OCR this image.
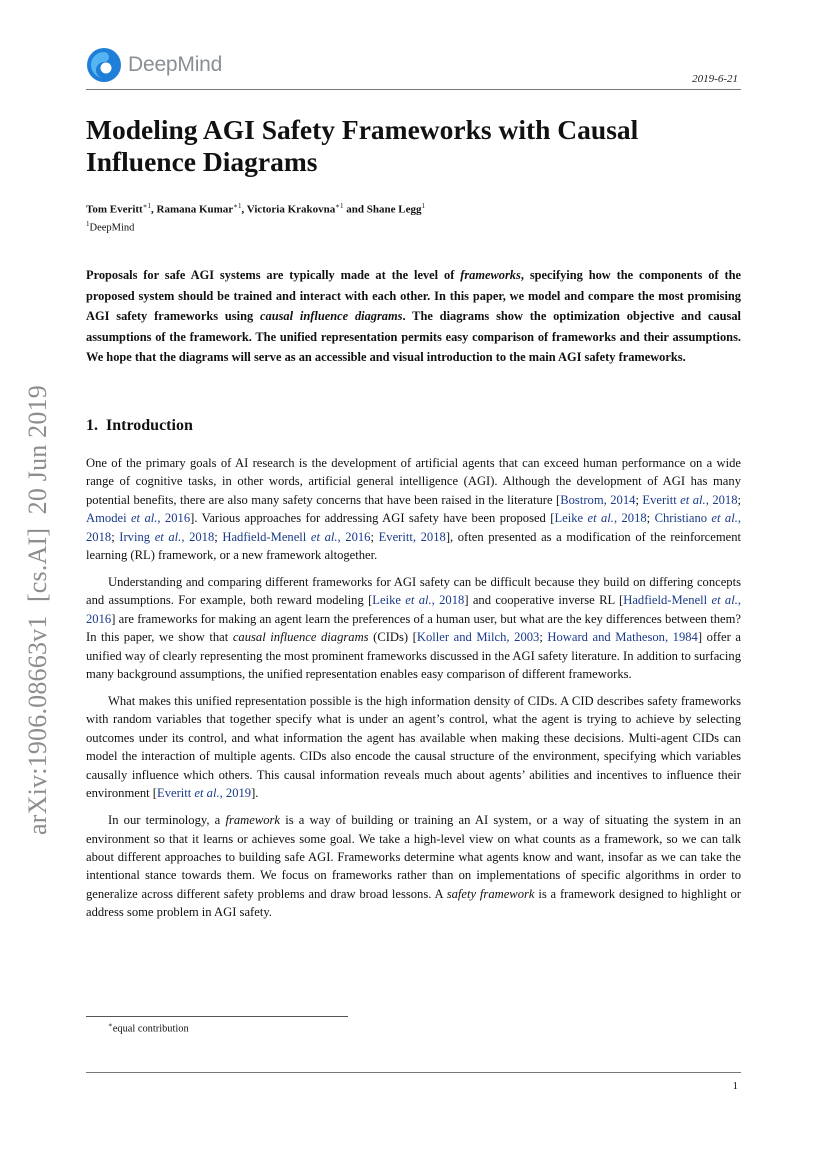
DeepMind
2019-6-21
Modeling AGI Safety Frameworks with Causal Influence Diagrams
Tom Everitt$^{∗1}$, Ramana Kumar$^{∗1}$, Victoria Krakovna$^{∗1}$ and Shane Legg$^1$
$^1$DeepMind

Proposals for safe AGI systems are typically made at the level of frameworks, specifying how the components of the proposed system should be trained and interact with each other. In this paper, we model and compare the most promising AGI safety frameworks using causal influence diagrams. The diagrams show the optimization objective and causal assumptions of the framework. The unified representation permits easy comparison of frameworks and their assumptions. We hope that the diagrams will serve as an accessible and visual introduction to the main AGI safety frameworks.

1. Introduction

One of the primary goals of AI research is the development of artificial agents that can exceed human performance on a wide range of cognitive tasks, in other words, artificial general intelligence (AGI). Although the development of AGI has many potential benefits, there are also many safety concerns that have been raised in the literature [Bostrom, 2014; Everitt et al., 2018; Amodei et al., 2016]. Various approaches for addressing AGI safety have been proposed [Leike et al., 2018; Christiano et al., 2018; Irving et al., 2018; Hadfield-Menell et al., 2016; Everitt, 2018], often presented as a modification of the reinforcement learning (RL) framework, or a new framework altogether.

Understanding and comparing different frameworks for AGI safety can be difficult because they build on differing concepts and assumptions. For example, both reward modeling [Leike et al., 2018] and cooperative inverse RL [Hadfield-Menell et al., 2016] are frameworks for making an agent learn the preferences of a human user, but what are the key differences between them? In this paper, we show that causal influence diagrams (CIDs) [Koller and Milch, 2003; Howard and Matheson, 1984] offer a unified way of clearly representing the most prominent frameworks discussed in the AGI safety literature. In addition to surfacing many background assumptions, the unified representation enables easy comparison of different frameworks.

What makes this unified representation possible is the high information density of CIDs. A CID describes safety frameworks with random variables that together specify what is under an agent’s control, what the agent is trying to achieve by selecting outcomes under its control, and what information the agent has available when making these decisions. Multi-agent CIDs can model the interaction of multiple agents. CIDs also encode the causal structure of the environment, specifying which variables causally influence which others. This causal information reveals much about agents’ abilities and incentives to influence their environment [Everitt et al., 2019].

In our terminology, a framework is a way of building or training an AI system, or a way of situating the system in an environment so that it learns or achieves some goal. We take a high-level view on what counts as a framework, so we can talk about different approaches to building safe AGI. Frameworks determine what agents know and want, insofar as we can take the intentional stance towards them. We focus on frameworks rather than on implementations of specific algorithms in order to generalize across different safety problems and draw broad lessons. A safety framework is a framework designed to highlight or address some problem in AGI safety.

∗equal contribution
1
arXiv:1906.08663v1  [cs.AI]  20 Jun 2019
